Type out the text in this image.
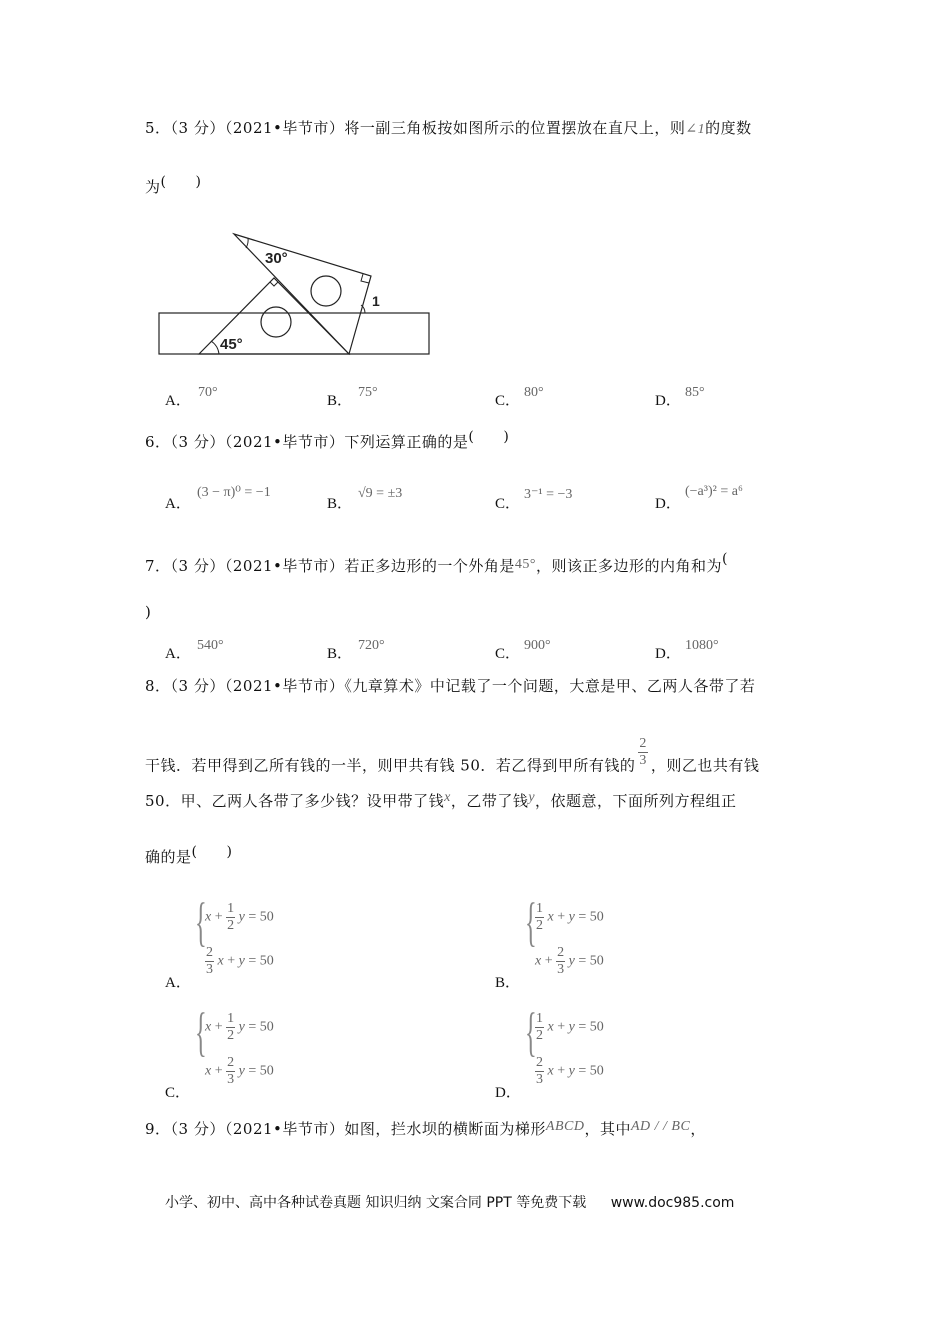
5．（3 分）（2021•毕节市）将一副三角板按如图所示的位置摆放在直尺上，则∠1的度数
为(　　)
30°
45°
1
A．
70°
B．
75°
C．
80°
D．
85°
6．（3 分）（2021•毕节市）下列运算正确的是(　　)
A．
(3 − π)⁰ = −1
B．
√9 = ±3
C．
3⁻¹ = −3
D．
(−a³)² = a⁶
7．（3 分）（2021•毕节市）若正多边形的一个外角是45°，则该正多边形的内角和为(
)
A．
540°
B．
720°
C．
900°
D．
1080°
8．（3 分）（2021•毕节市）《九章算术》中记载了一个问题，大意是甲、乙两人各带了若
干钱．若甲得到乙所有钱的一半，则甲共有钱 50．若乙得到甲所有钱的 $\frac{2}{3}$ ，则乙也共有钱
50．甲、乙两人各带了多少钱？设甲带了钱x，乙带了钱y，依题意，下面所列方程组正
确的是(　　)
A．
{
$x + \frac{1}{2}$ y = 50
$\frac{2}{3}$ x + y = 50
B．
{
$\frac{1}{2}$ x + y = 50
$x + \frac{2}{3}$ y = 50
C．
{
$x + \frac{1}{2}$ y = 50
$x + \frac{2}{3}$ y = 50
D．
{
$\frac{1}{2}$ x + y = 50
$\frac{2}{3}$ x + y = 50
9．（3 分）（2021•毕节市）如图，拦水坝的横断面为梯形ABCD，其中AD / / BC，
小学、初中、高中各种试卷真题 知识归纳 文案合同 PPT 等免费下载 www.doc985.com
